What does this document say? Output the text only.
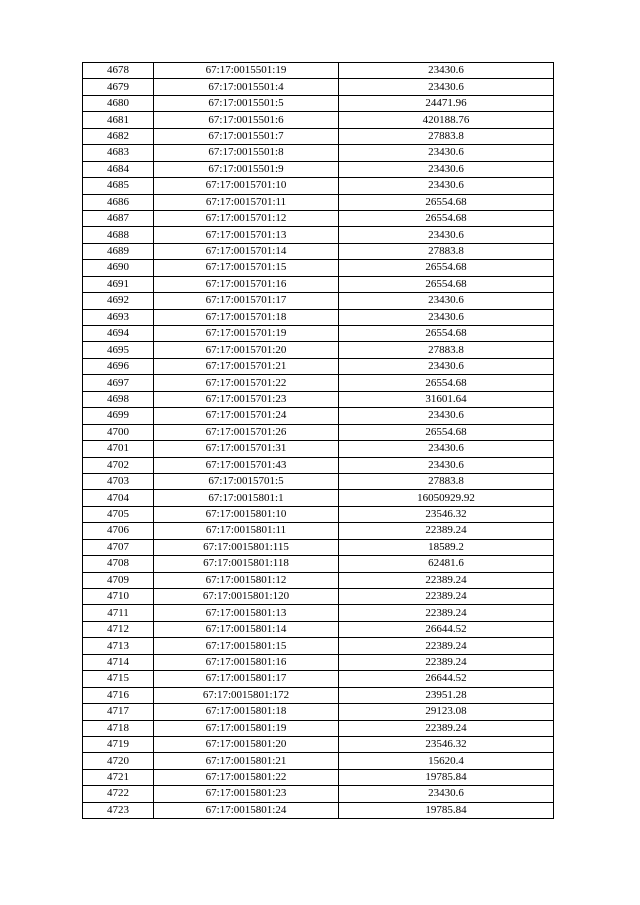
4678	67:17:0015501:19	23430.6
4679	67:17:0015501:4	23430.6
4680	67:17:0015501:5	24471.96
4681	67:17:0015501:6	420188.76
4682	67:17:0015501:7	27883.8
4683	67:17:0015501:8	23430.6
4684	67:17:0015501:9	23430.6
4685	67:17:0015701:10	23430.6
4686	67:17:0015701:11	26554.68
4687	67:17:0015701:12	26554.68
4688	67:17:0015701:13	23430.6
4689	67:17:0015701:14	27883.8
4690	67:17:0015701:15	26554.68
4691	67:17:0015701:16	26554.68
4692	67:17:0015701:17	23430.6
4693	67:17:0015701:18	23430.6
4694	67:17:0015701:19	26554.68
4695	67:17:0015701:20	27883.8
4696	67:17:0015701:21	23430.6
4697	67:17:0015701:22	26554.68
4698	67:17:0015701:23	31601.64
4699	67:17:0015701:24	23430.6
4700	67:17:0015701:26	26554.68
4701	67:17:0015701:31	23430.6
4702	67:17:0015701:43	23430.6
4703	67:17:0015701:5	27883.8
4704	67:17:0015801:1	16050929.92
4705	67:17:0015801:10	23546.32
4706	67:17:0015801:11	22389.24
4707	67:17:0015801:115	18589.2
4708	67:17:0015801:118	62481.6
4709	67:17:0015801:12	22389.24
4710	67:17:0015801:120	22389.24
4711	67:17:0015801:13	22389.24
4712	67:17:0015801:14	26644.52
4713	67:17:0015801:15	22389.24
4714	67:17:0015801:16	22389.24
4715	67:17:0015801:17	26644.52
4716	67:17:0015801:172	23951.28
4717	67:17:0015801:18	29123.08
4718	67:17:0015801:19	22389.24
4719	67:17:0015801:20	23546.32
4720	67:17:0015801:21	15620.4
4721	67:17:0015801:22	19785.84
4722	67:17:0015801:23	23430.6
4723	67:17:0015801:24	19785.84
